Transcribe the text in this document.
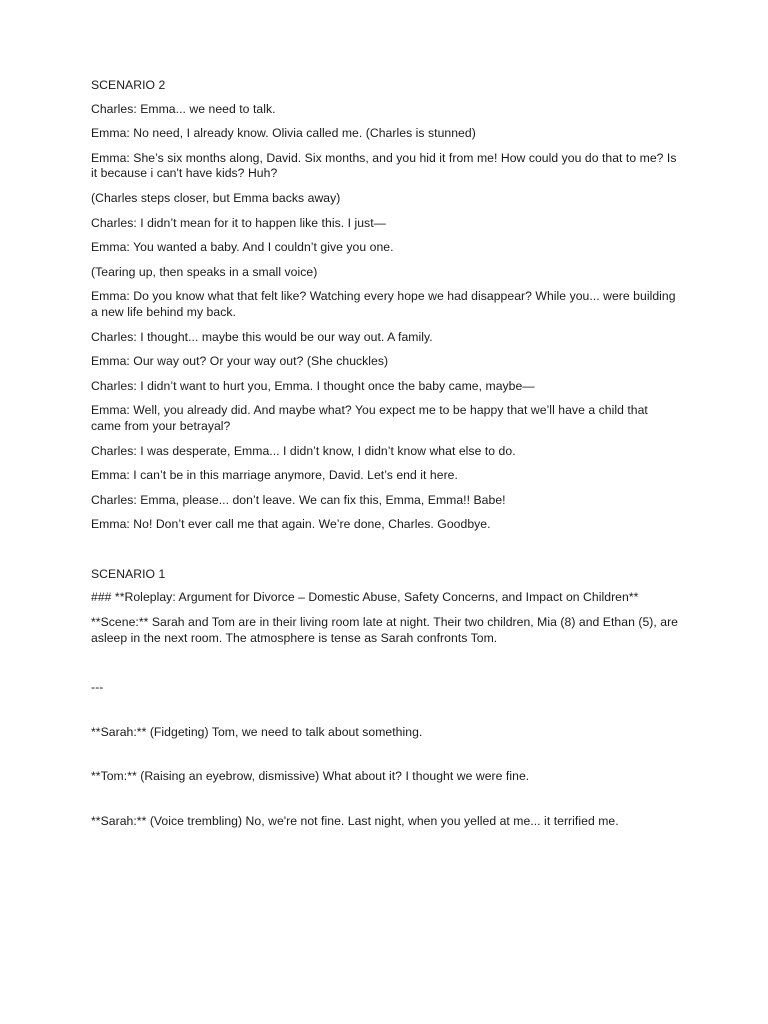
SCENARIO 2
Charles: Emma... we need to talk.
Emma: No need, I already know. Olivia called me. (Charles is stunned)
Emma: She’s six months along, David. Six months, and you hid it from me! How could you do that to me? Is it because i can't have kids? Huh?
(Charles steps closer, but Emma backs away)
Charles: I didn’t mean for it to happen like this. I just—
Emma: You wanted a baby. And I couldn’t give you one.
(Tearing up, then speaks in a small voice)
Emma: Do you know what that felt like? Watching every hope we had disappear? While you... were building a new life behind my back.
Charles: I thought... maybe this would be our way out. A family.
Emma: Our way out? Or your way out? (She chuckles)
Charles: I didn’t want to hurt you, Emma. I thought once the baby came, maybe—
Emma: Well, you already did. And maybe what? You expect me to be happy that we’ll have a child that came from your betrayal?
Charles: I was desperate, Emma... I didn’t know, I didn’t know what else to do.
Emma: I can’t be in this marriage anymore, David. Let’s end it here.
Charles: Emma, please... don’t leave. We can fix this, Emma, Emma!! Babe!
Emma: No! Don’t ever call me that again. We’re done, Charles. Goodbye.
SCENARIO 1
### **Roleplay: Argument for Divorce – Domestic Abuse, Safety Concerns, and Impact on Children**
**Scene:** Sarah and Tom are in their living room late at night. Their two children, Mia (8) and Ethan (5), are asleep in the next room. The atmosphere is tense as Sarah confronts Tom.
---
**Sarah:** (Fidgeting) Tom, we need to talk about something.
**Tom:** (Raising an eyebrow, dismissive) What about it? I thought we were fine.
**Sarah:** (Voice trembling) No, we're not fine. Last night, when you yelled at me... it terrified me.
